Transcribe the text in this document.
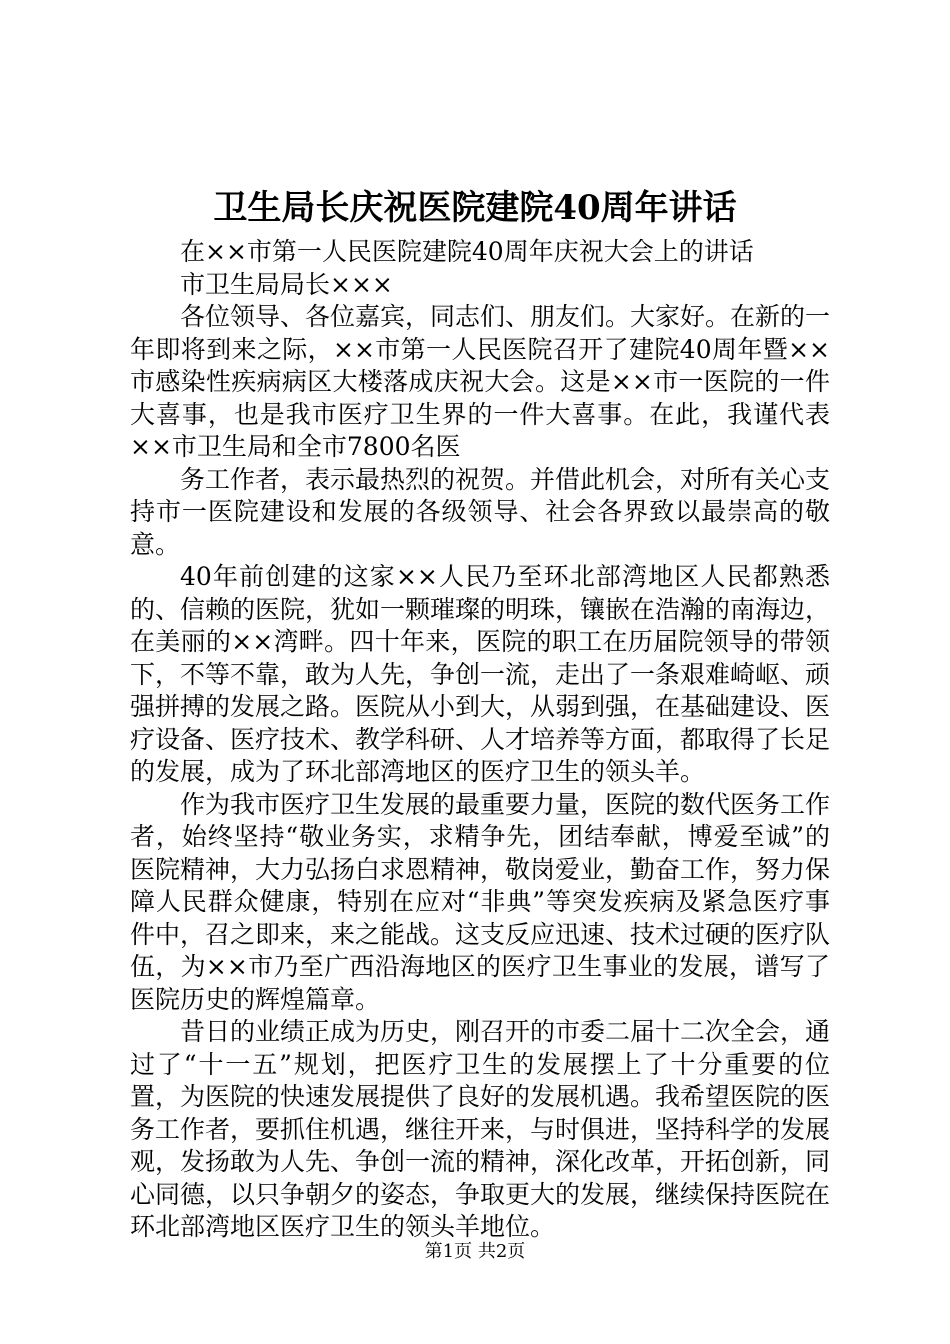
卫生局长庆祝医院建院40周年讲话

在××市第一人民医院建院40周年庆祝大会上的讲话

市卫生局局长×××

各位领导、各位嘉宾，同志们、朋友们。大家好。在新的一年即将到来之际，××市第一人民医院召开了建院40周年暨××市感染性疾病病区大楼落成庆祝大会。这是××市一医院的一件大喜事，也是我市医疗卫生界的一件大喜事。在此，我谨代表××市卫生局和全市7800名医

务工作者，表示最热烈的祝贺。并借此机会，对所有关心支持市一医院建设和发展的各级领导、社会各界致以最崇高的敬意。

40年前创建的这家××人民乃至环北部湾地区人民都熟悉的、信赖的医院，犹如一颗璀璨的明珠，镶嵌在浩瀚的南海边，在美丽的××湾畔。四十年来，医院的职工在历届院领导的带领下，不等不靠，敢为人先，争创一流，走出了一条艰难崎岖、顽强拼搏的发展之路。医院从小到大，从弱到强，在基础建设、医疗设备、医疗技术、教学科研、人才培养等方面，都取得了长足的发展，成为了环北部湾地区的医疗卫生的领头羊。

作为我市医疗卫生发展的最重要力量，医院的数代医务工作者，始终坚持“敬业务实，求精争先，团结奉献，博爱至诚”的医院精神，大力弘扬白求恩精神，敬岗爱业，勤奋工作，努力保障人民群众健康，特别在应对“非典”等突发疾病及紧急医疗事件中，召之即来，来之能战。这支反应迅速、技术过硬的医疗队伍，为××市乃至广西沿海地区的医疗卫生事业的发展，谱写了医院历史的辉煌篇章。

昔日的业绩正成为历史，刚召开的市委二届十二次全会，通过了“十一五”规划，把医疗卫生的发展摆上了十分重要的位置，为医院的快速发展提供了良好的发展机遇。我希望医院的医务工作者，要抓住机遇，继往开来，与时俱进，坚持科学的发展观，发扬敢为人先、争创一流的精神，深化改革，开拓创新，同心同德，以只争朝夕的姿态，争取更大的发展，继续保持医院在环北部湾地区医疗卫生的领头羊地位。

第1页 共2页
